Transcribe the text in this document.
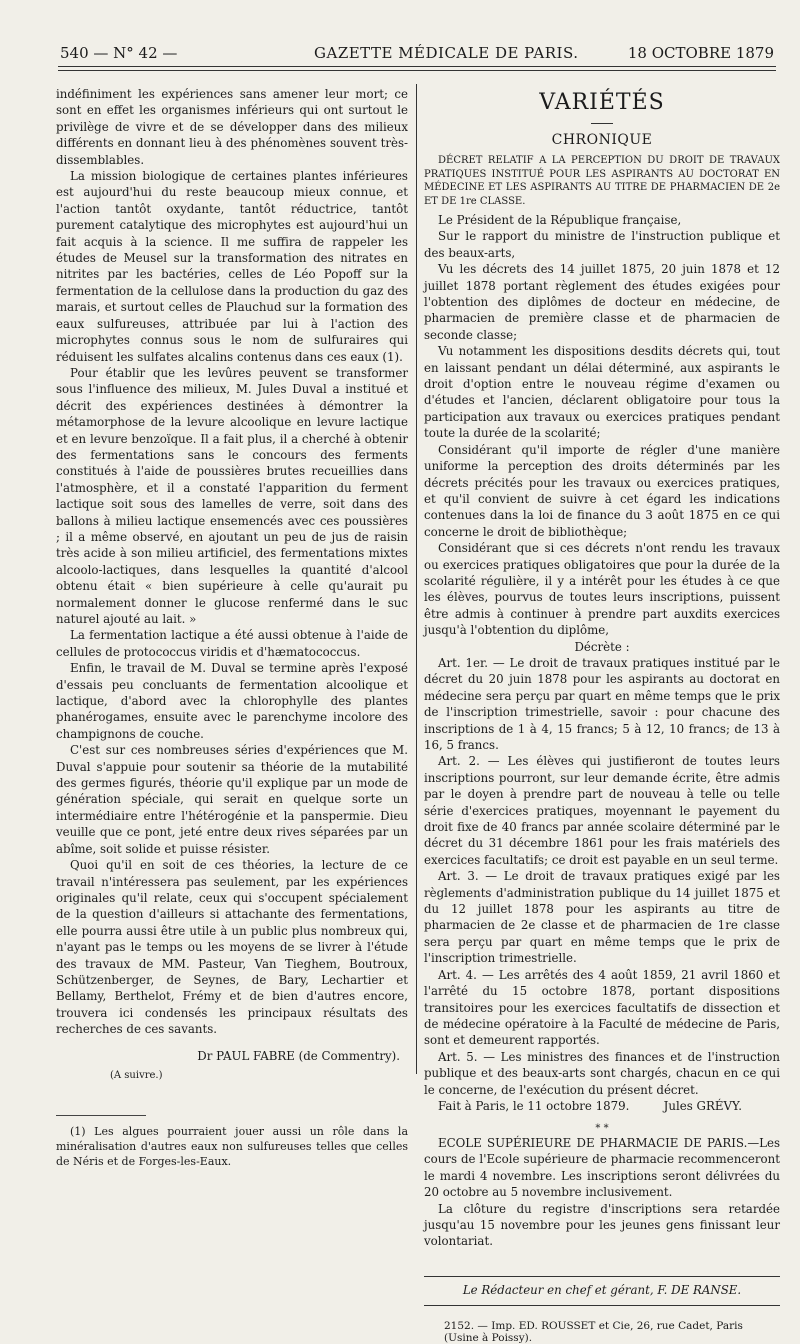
540 — N° 42 —	GAZETTE MÉDICALE DE PARIS.	18 OCTOBRE 1879

indéfiniment les expériences sans amener leur mort; ce sont en effet les organismes inférieurs qui ont surtout le privilège de vivre et de se développer dans des milieux différents en donnant lieu à des phénomènes souvent très-dissemblables.

La mission biologique de certaines plantes inférieures est aujourd'hui du reste beaucoup mieux connue, et l'action tantôt oxydante, tantôt réductrice, tantôt purement catalytique des microphytes est aujourd'hui un fait acquis à la science. Il me suffira de rappeler les études de Meusel sur la transformation des nitrates en nitrites par les bactéries, celles de Léo Popoff sur la fermentation de la cellulose dans la production du gaz des marais, et surtout celles de Plauchud sur la formation des eaux sulfureuses, attribuée par lui à l'action des microphytes connus sous le nom de sulfuraires qui réduisent les sulfates alcalins contenus dans ces eaux (1).

Pour établir que les levûres peuvent se transformer sous l'influence des milieux, M. Jules Duval a institué et décrit des expériences destinées à démontrer la métamorphose de la levure alcoolique en levure lactique et en levure benzoïque. Il a fait plus, il a cherché à obtenir des fermentations sans le concours des ferments constitués à l'aide de poussières brutes recueillies dans l'atmosphère, et il a constaté l'apparition du ferment lactique soit sous des lamelles de verre, soit dans des ballons à milieu lactique ensemencés avec ces poussières ; il a même observé, en ajoutant un peu de jus de raisin très acide à son milieu artificiel, des fermentations mixtes alcoolo-lactiques, dans lesquelles la quantité d'alcool obtenu était « bien supérieure à celle qu'aurait pu normalement donner le glucose renfermé dans le suc naturel ajouté au lait. »

La fermentation lactique a été aussi obtenue à l'aide de cellules de protococcus viridis et d'hæmatococcus.

Enfin, le travail de M. Duval se termine après l'exposé d'essais peu concluants de fermentation alcoolique et lactique, d'abord avec la chlorophylle des plantes phanérogames, ensuite avec le parenchyme incolore des champignons de couche.

C'est sur ces nombreuses séries d'expériences que M. Duval s'appuie pour soutenir sa théorie de la mutabilité des germes figurés, théorie qu'il explique par un mode de génération spéciale, qui serait en quelque sorte un intermédiaire entre l'hétérogénie et la panspermie. Dieu veuille que ce pont, jeté entre deux rives séparées par un abîme, soit solide et puisse résister.

Quoi qu'il en soit de ces théories, la lecture de ce travail n'intéressera pas seulement, par les expériences originales qu'il relate, ceux qui s'occupent spécialement de la question d'ailleurs si attachante des fermentations, elle pourra aussi être utile à un public plus nombreux qui, n'ayant pas le temps ou les moyens de se livrer à l'étude des travaux de MM. Pasteur, Van Tieghem, Boutroux, Schützenberger, de Seynes, de Bary, Lechartier et Bellamy, Berthelot, Frémy et de bien d'autres encore, trouvera ici condensés les principaux résultats des recherches de ces savants.

Dr PAUL FABRE (de Commentry).
(A suivre.)

(1) Les algues pourraient jouer aussi un rôle dans la minéralisation d'autres eaux non sulfureuses telles que celles de Néris et de Forges-les-Eaux.

VARIÉTÉS
CHRONIQUE
DÉCRET RELATIF A LA PERCEPTION DU DROIT DE TRAVAUX PRATIQUES INSTITUÉ POUR LES ASPIRANTS AU DOCTORAT EN MÉDECINE ET LES ASPIRANTS AU TITRE DE PHARMACIEN DE 2e ET DE 1re CLASSE.

Le Président de la République française,

Sur le rapport du ministre de l'instruction publique et des beaux-arts,

Vu les décrets des 14 juillet 1875, 20 juin 1878 et 12 juillet 1878 portant règlement des études exigées pour l'obtention des diplômes de docteur en médecine, de pharmacien de première classe et de pharmacien de seconde classe;

Vu notamment les dispositions desdits décrets qui, tout en laissant pendant un délai déterminé, aux aspirants le droit d'option entre le nouveau régime d'examen ou d'études et l'ancien, déclarent obligatoire pour tous la participation aux travaux ou exercices pratiques pendant toute la durée de la scolarité;

Considérant qu'il importe de régler d'une manière uniforme la perception des droits déterminés par les décrets précités pour les travaux ou exercices pratiques, et qu'il convient de suivre à cet égard les indications contenues dans la loi de finance du 3 août 1875 en ce qui concerne le droit de bibliothèque;

Considérant que si ces décrets n'ont rendu les travaux ou exercices pratiques obligatoires que pour la durée de la scolarité régulière, il y a intérêt pour les études à ce que les élèves, pourvus de toutes leurs inscriptions, puissent être admis à continuer à prendre part auxdits exercices jusqu'à l'obtention du diplôme,

Décrète :

Art. 1er. — Le droit de travaux pratiques institué par le décret du 20 juin 1878 pour les aspirants au doctorat en médecine sera perçu par quart en même temps que le prix de l'inscription trimestrielle, savoir : pour chacune des inscriptions de 1 à 4, 15 francs; 5 à 12, 10 francs; de 13 à 16, 5 francs.

Art. 2. — Les élèves qui justifieront de toutes leurs inscriptions pourront, sur leur demande écrite, être admis par le doyen à prendre part de nouveau à telle ou telle série d'exercices pratiques, moyennant le payement du droit fixe de 40 francs par année scolaire déterminé par le décret du 31 décembre 1861 pour les frais matériels des exercices facultatifs; ce droit est payable en un seul terme.

Art. 3. — Le droit de travaux pratiques exigé par les règlements d'administration publique du 14 juillet 1875 et du 12 juillet 1878 pour les aspirants au titre de pharmacien de 2e classe et de pharmacien de 1re classe sera perçu par quart en même temps que le prix de l'inscription trimestrielle.

Art. 4. — Les arrêtés des 4 août 1859, 21 avril 1860 et l'arrêté du 15 octobre 1878, portant dispositions transitoires pour les exercices facultatifs de dissection et de médecine opératoire à la Faculté de médecine de Paris, sont et demeurent rapportés.

Art. 5. — Les ministres des finances et de l'instruction publique et des beaux-arts sont chargés, chacun en ce qui le concerne, de l'exécution du présent décret.

Fait à Paris, le 11 octobre 1879.	Jules GRÉVY.
* *

ECOLE SUPÉRIEURE DE PHARMACIE DE PARIS.—Les cours de l'Ecole supérieure de pharmacie recommenceront le mardi 4 novembre. Les inscriptions seront délivrées du 20 octobre au 5 novembre inclusivement.

La clôture du registre d'inscriptions sera retardée jusqu'au 15 novembre pour les jeunes gens finissant leur volontariat.

Le Rédacteur en chef et gérant, F. DE RANSE.
2152. — Imp. ED. ROUSSET et Cie, 26, rue Cadet, Paris (Usine à Poissy).
